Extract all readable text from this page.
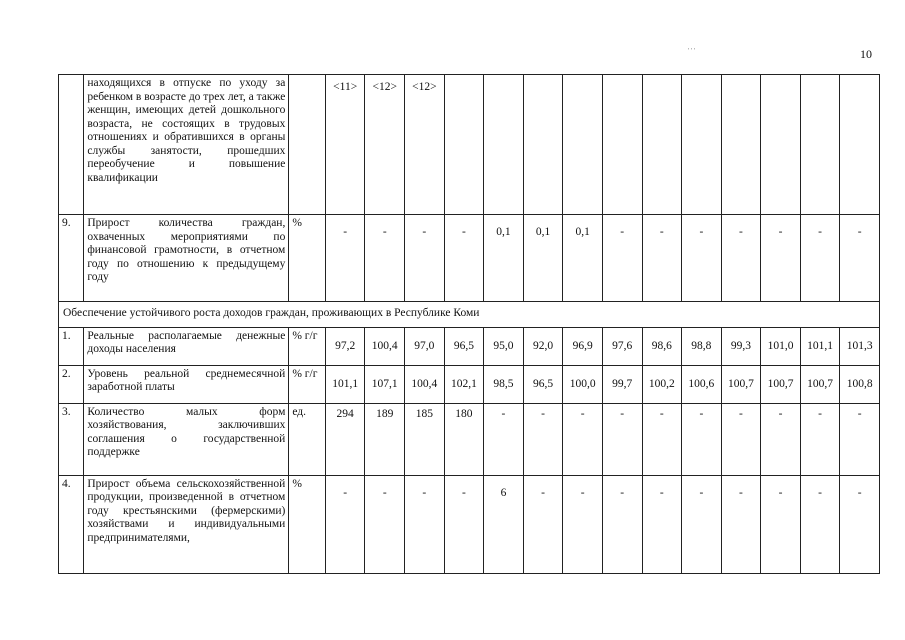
' ' '	10
	находящихся в отпуске по уходу за ребенком в возрасте до трех лет, а также женщин, имеющих детей дошкольного возраста, не состоящих в трудовых отношениях и обратившихся в органы службы занятости, прошедших переобучение и повышение квалификации		<11>	<12>	<12>											
9.	Прирост количества граждан, охваченных мероприятиями по финансовой грамотности, в отчетном году по отношению к предыдущему году	%	-	-	-	-	0,1	0,1	0,1	-	-	-	-	-	-	-
Обеспечение устойчивого роста доходов граждан, проживающих в Республике Коми																
1.	Реальные располагаемые денежные доходы населения	% г/г	97,2	100,4	97,0	96,5	95,0	92,0	96,9	97,6	98,6	98,8	99,3	101,0	101,1	101,3
2.	Уровень реальной среднемесячной заработной платы	% г/г	101,1	107,1	100,4	102,1	98,5	96,5	100,0	99,7	100,2	100,6	100,7	100,7	100,7	100,8
3.	Количество малых форм хозяйствования, заключивших соглашения о государственной поддержке	ед.	294	189	185	180	-	-	-	-	-	-	-	-	-	-
4.	Прирост объема сельскохозяйственной продукции, произведенной в отчетном году крестьянскими (фермерскими) хозяйствами и индивидуальными предпринимателями,	%	-	-	-	-	6	-	-	-	-	-	-	-	-	-
